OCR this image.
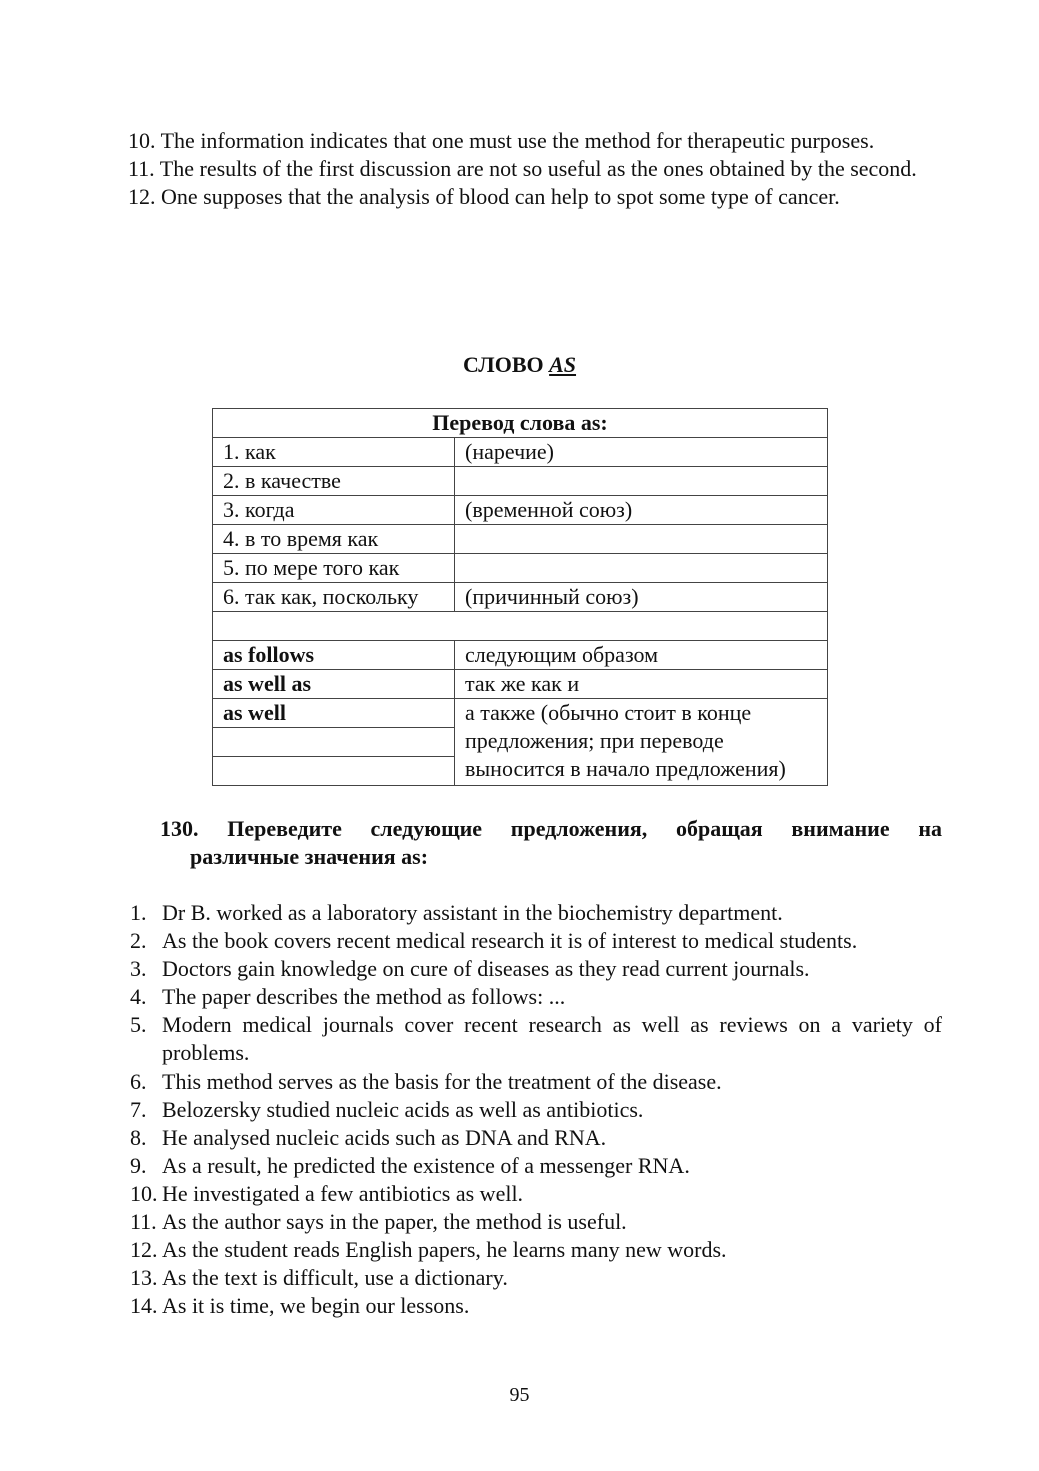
10. The information indicates that one must use the method for therapeutic purposes.
11. The results of the first discussion are not so useful as the ones obtained by the second.
12. One supposes that the analysis of blood can help to spot some type of cancer.
СЛОВО AS
Перевод слова as:	
1. как	(наречие)
2. в качестве	
3. когда	(временной союз)
4. в то время как	
5. по мере того как	
6. так как, поскольку	(причинный союз)

as follows	следующим образом
as well as	так же как и
as well	а также (обычно стоит в конце предложения; при переводе выносится в начало предложения)

130. Переведите следующие предложения, обращая внимание на
различные значения as:
1. Dr B. worked as a laboratory assistant in the biochemistry department.
2. As the book covers recent medical research it is of interest to medical students.
3. Doctors gain knowledge on cure of diseases as they read current journals.
4. The paper describes the method as follows: ...
5. Modern medical journals cover recent research as well as reviews on a variety of problems.
6. This method serves as the basis for the treatment of the disease.
7. Belozersky studied nucleic acids as well as antibiotics.
8. He analysed nucleic acids such as DNA and RNA.
9. As a result, he predicted the existence of a messenger RNA.
10. He investigated a few antibiotics as well.
11. As the author says in the paper, the method is useful.
12. As the student reads English papers, he learns many new words.
13. As the text is difficult, use a dictionary.
14. As it is time, we begin our lessons.
95
